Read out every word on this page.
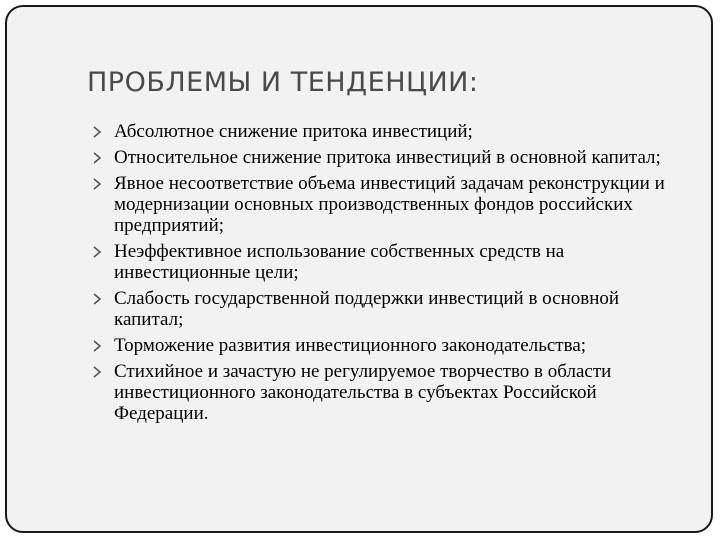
ПРОБЛЕМЫ И ТЕНДЕНЦИИ:
Абсолютное снижение притока инвестиций;
Относительное снижение притока инвестиций в основной капитал;
Явное несоответствие объема инвестиций задачам реконструкции и модернизации основных производственных фондов российских предприятий;
Неэффективное использование собственных средств на инвестиционные цели;
Слабость государственной поддержки инвестиций в основной капитал;
Торможение развития инвестиционного законодательства;
Стихийное и зачастую не регулируемое творчество в области инвестиционного законодательства в субъектах Российской Федерации.
